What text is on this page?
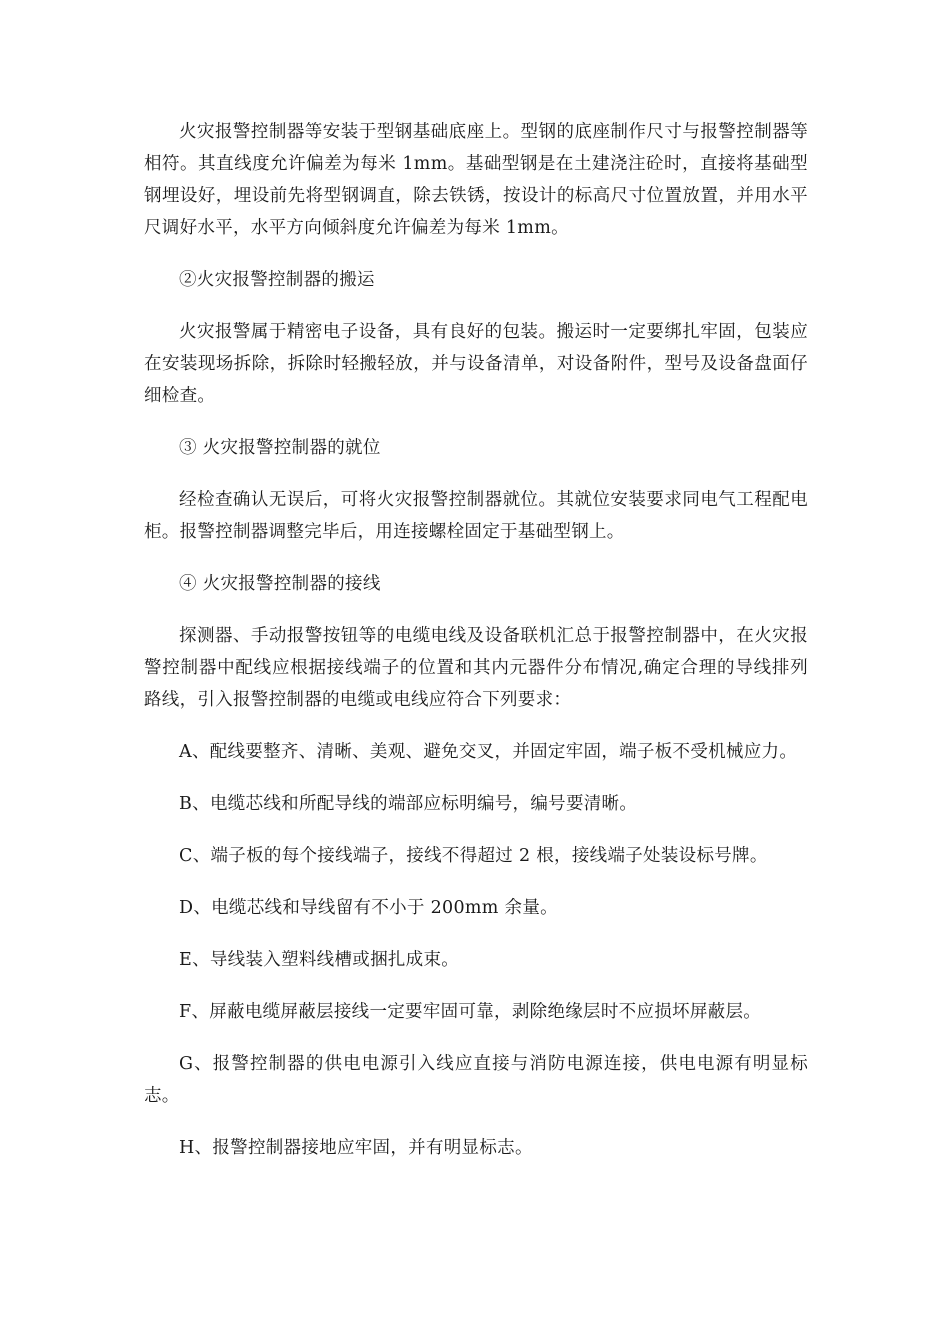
火灾报警控制器等安装于型钢基础底座上。型钢的底座制作尺寸与报警控制器等相符。其直线度允许偏差为每米 1mm。基础型钢是在土建浇注砼时，直接将基础型钢埋设好，埋设前先将型钢调直，除去铁锈，按设计的标高尺寸位置放置，并用水平尺调好水平，水平方向倾斜度允许偏差为每米 1mm。

②火灾报警控制器的搬运

火灾报警属于精密电子设备，具有良好的包装。搬运时一定要绑扎牢固，包装应在安装现场拆除，拆除时轻搬轻放，并与设备清单，对设备附件，型号及设备盘面仔细检查。

③ 火灾报警控制器的就位

经检查确认无误后，可将火灾报警控制器就位。其就位安装要求同电气工程配电柜。报警控制器调整完毕后，用连接螺栓固定于基础型钢上。

④ 火灾报警控制器的接线

探测器、手动报警按钮等的电缆电线及设备联机汇总于报警控制器中，在火灾报警控制器中配线应根据接线端子的位置和其内元器件分布情况,确定合理的导线排列路线，引入报警控制器的电缆或电线应符合下列要求：

A、配线要整齐、清晰、美观、避免交叉，并固定牢固，端子板不受机械应力。

B、电缆芯线和所配导线的端部应标明编号，编号要清晰。

C、端子板的每个接线端子，接线不得超过 2 根，接线端子处装设标号牌。

D、电缆芯线和导线留有不小于 200mm 余量。

E、导线装入塑料线槽或捆扎成束。

F、屏蔽电缆屏蔽层接线一定要牢固可靠，剥除绝缘层时不应损坏屏蔽层。

G、报警控制器的供电电源引入线应直接与消防电源连接，供电电源有明显标志。

H、报警控制器接地应牢固，并有明显标志。
